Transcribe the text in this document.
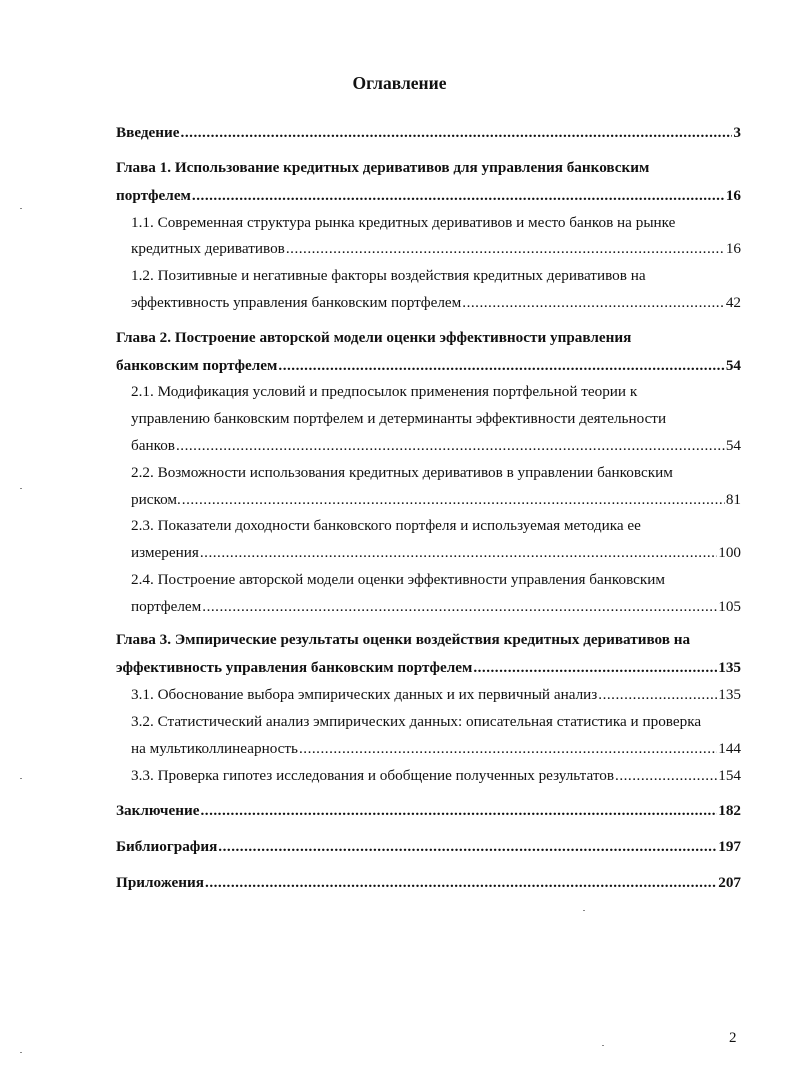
Оглавление
Введение .....	3
Глава 1. Использование кредитных деривативов для управления банковским
портфелем .....	16
1.1. Современная структура рынка кредитных деривативов и место банков на рынке
кредитных деривативов .....	16
1.2. Позитивные и негативные факторы воздействия кредитных деривативов на
эффективность управления банковским портфелем .....	42
Глава 2. Построение авторской модели оценки эффективности управления
банковским портфелем .....	54
2.1. Модификация условий и предпосылок применения портфельной теории к
управлению банковским портфелем и детерминанты эффективности деятельности
банков .....	54
2.2. Возможности использования кредитных деривативов в управлении банковским
риском. .....	81
2.3. Показатели доходности банковского портфеля и используемая методика ее
измерения .....	100
2.4. Построение авторской модели оценки эффективности управления банковским
портфелем .....	105
Глава 3. Эмпирические результаты оценки воздействия кредитных деривативов на
эффективность управления банковским портфелем .....	135
3.1. Обоснование выбора эмпирических данных и их первичный анализ .....	135
3.2. Статистический анализ эмпирических данных: описательная статистика и проверка
на мультиколлинеарность .....	144
3.3. Проверка гипотез исследования и обобщение полученных результатов .....	154
Заключение .....	182
Библиография .....	197
Приложения .....	207
2
